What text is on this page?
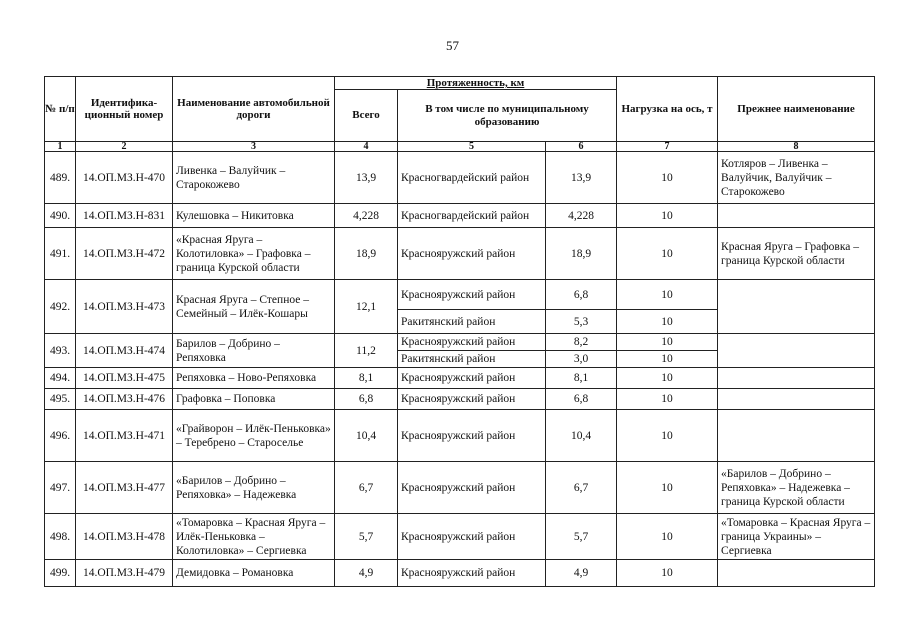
57
№ п/п	Идентифика-ционный номер	Наименование автомобильной дороги	Протяженность, км			Нагрузка на ось, т	Прежнее наименование
			Всего	В том числе по муниципальному образованию			
1	2	3	4	5	6	7	8
489.	14.ОП.МЗ.Н-470	Ливенка – Валуйчик – Старокожево	13,9	Красногвардейский район	13,9	10	Котляров – Ливенка – Валуйчик, Валуйчик – Старокожево
490.	14.ОП.МЗ.Н-831	Кулешовка – Никитовка	4,228	Красногвардейский район	4,228	10	
491.	14.ОП.МЗ.Н-472	«Красная Яруга – Колотиловка» – Графовка – граница Курской области	18,9	Краснояружский район	18,9	10	Красная Яруга – Графовка – граница Курской области
492.	14.ОП.МЗ.Н-473	Красная Яруга – Степное – Семейный – Илёк-Кошары	12,1	Краснояружский район	6,8	10	
				Ракитянский район	5,3	10	
493.	14.ОП.МЗ.Н-474	Барилов – Добрино – Репяховка	11,2	Краснояружский район	8,2	10	
				Ракитянский район	3,0	10	
494.	14.ОП.МЗ.Н-475	Репяховка – Ново-Репяховка	8,1	Краснояружский район	8,1	10	
495.	14.ОП.МЗ.Н-476	Графовка – Поповка	6,8	Краснояружский район	6,8	10	
496.	14.ОП.МЗ.Н-471	«Грайворон – Илёк-Пеньковка» – Теребрено – Староселье	10,4	Краснояружский район	10,4	10	
497.	14.ОП.МЗ.Н-477	«Барилов – Добрино – Репяховка» – Надежевка	6,7	Краснояружский район	6,7	10	«Барилов – Добрино – Репяховка» – Надежевка – граница Курской области
498.	14.ОП.МЗ.Н-478	«Томаровка – Красная Яруга – Илёк-Пеньковка – Колотиловка» – Сергиевка	5,7	Краснояружский район	5,7	10	«Томаровка – Красная Яруга – граница Украины» – Сергиевка
499.	14.ОП.МЗ.Н-479	Демидовка – Романовка	4,9	Краснояружский район	4,9	10	
